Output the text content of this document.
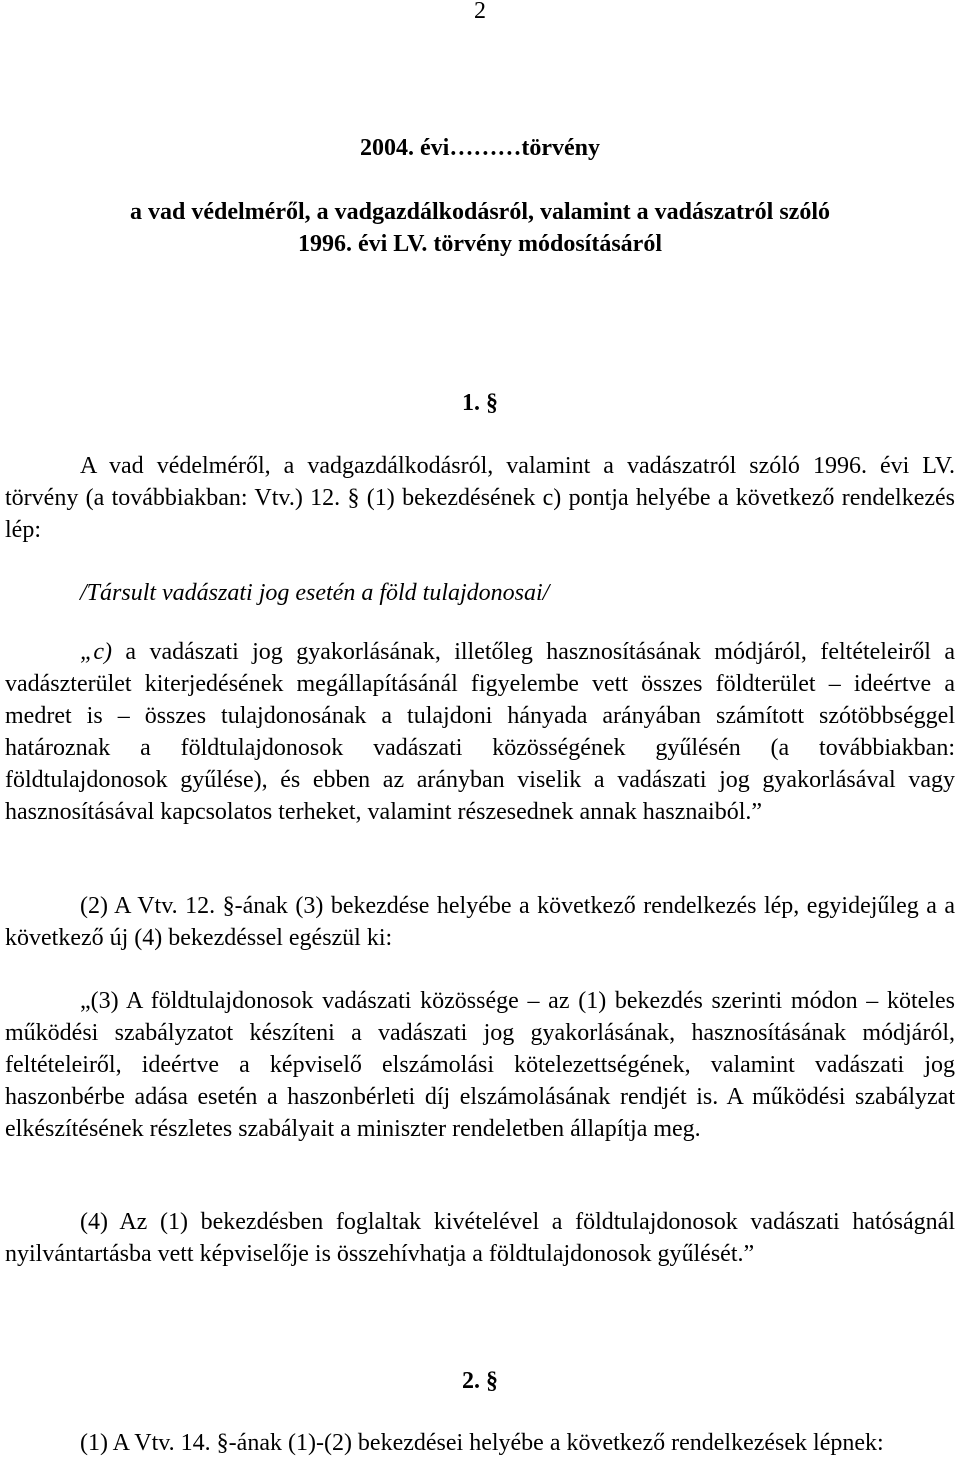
2

2004. évi………törvény

a vad védelméről, a vadgazdálkodásról, valamint a vadászatról szóló

1996. évi LV. törvény módosításáról

1. §

A vad védelméről, a vadgazdálkodásról, valamint a vadászatról szóló 1996. évi LV. törvény (a továbbiakban: Vtv.) 12. § (1) bekezdésének c) pontja helyébe a következő rendelkezés lép:

/Társult vadászati jog esetén a föld tulajdonosai/

„c) a vadászati jog gyakorlásának, illetőleg hasznosításának módjáról, feltételeiről a vadászterület kiterjedésének megállapításánál figyelembe vett összes földterület – ideértve a medret is – összes tulajdonosának a tulajdoni hányada arányában számított szótöbbséggel határoznak a földtulajdonosok vadászati közösségének gyűlésén (a továbbiakban: földtulajdonosok gyűlése), és ebben az arányban viselik a vadászati jog gyakorlásával vagy hasznosításával kapcsolatos terheket, valamint részesednek annak hasznaiból.”

(2) A Vtv. 12. §-ának (3) bekezdése helyébe a következő rendelkezés lép, egyidejűleg a a következő új (4) bekezdéssel egészül ki:

„(3) A földtulajdonosok vadászati közössége – az (1) bekezdés szerinti módon – köteles működési szabályzatot készíteni a vadászati jog gyakorlásának, hasznosításának módjáról, feltételeiről, ideértve a képviselő elszámolási kötelezettségének, valamint vadászati jog haszonbérbe adása esetén a haszonbérleti díj elszámolásának rendjét is. A működési szabályzat elkészítésének részletes szabályait a miniszter rendeletben állapítja meg.

(4) Az (1) bekezdésben foglaltak kivételével a földtulajdonosok vadászati hatóságnál nyilvántartásba vett képviselője is összehívhatja a földtulajdonosok gyűlését.”

2. §

(1) A Vtv. 14. §-ának (1)-(2) bekezdései helyébe a következő rendelkezések lépnek:
